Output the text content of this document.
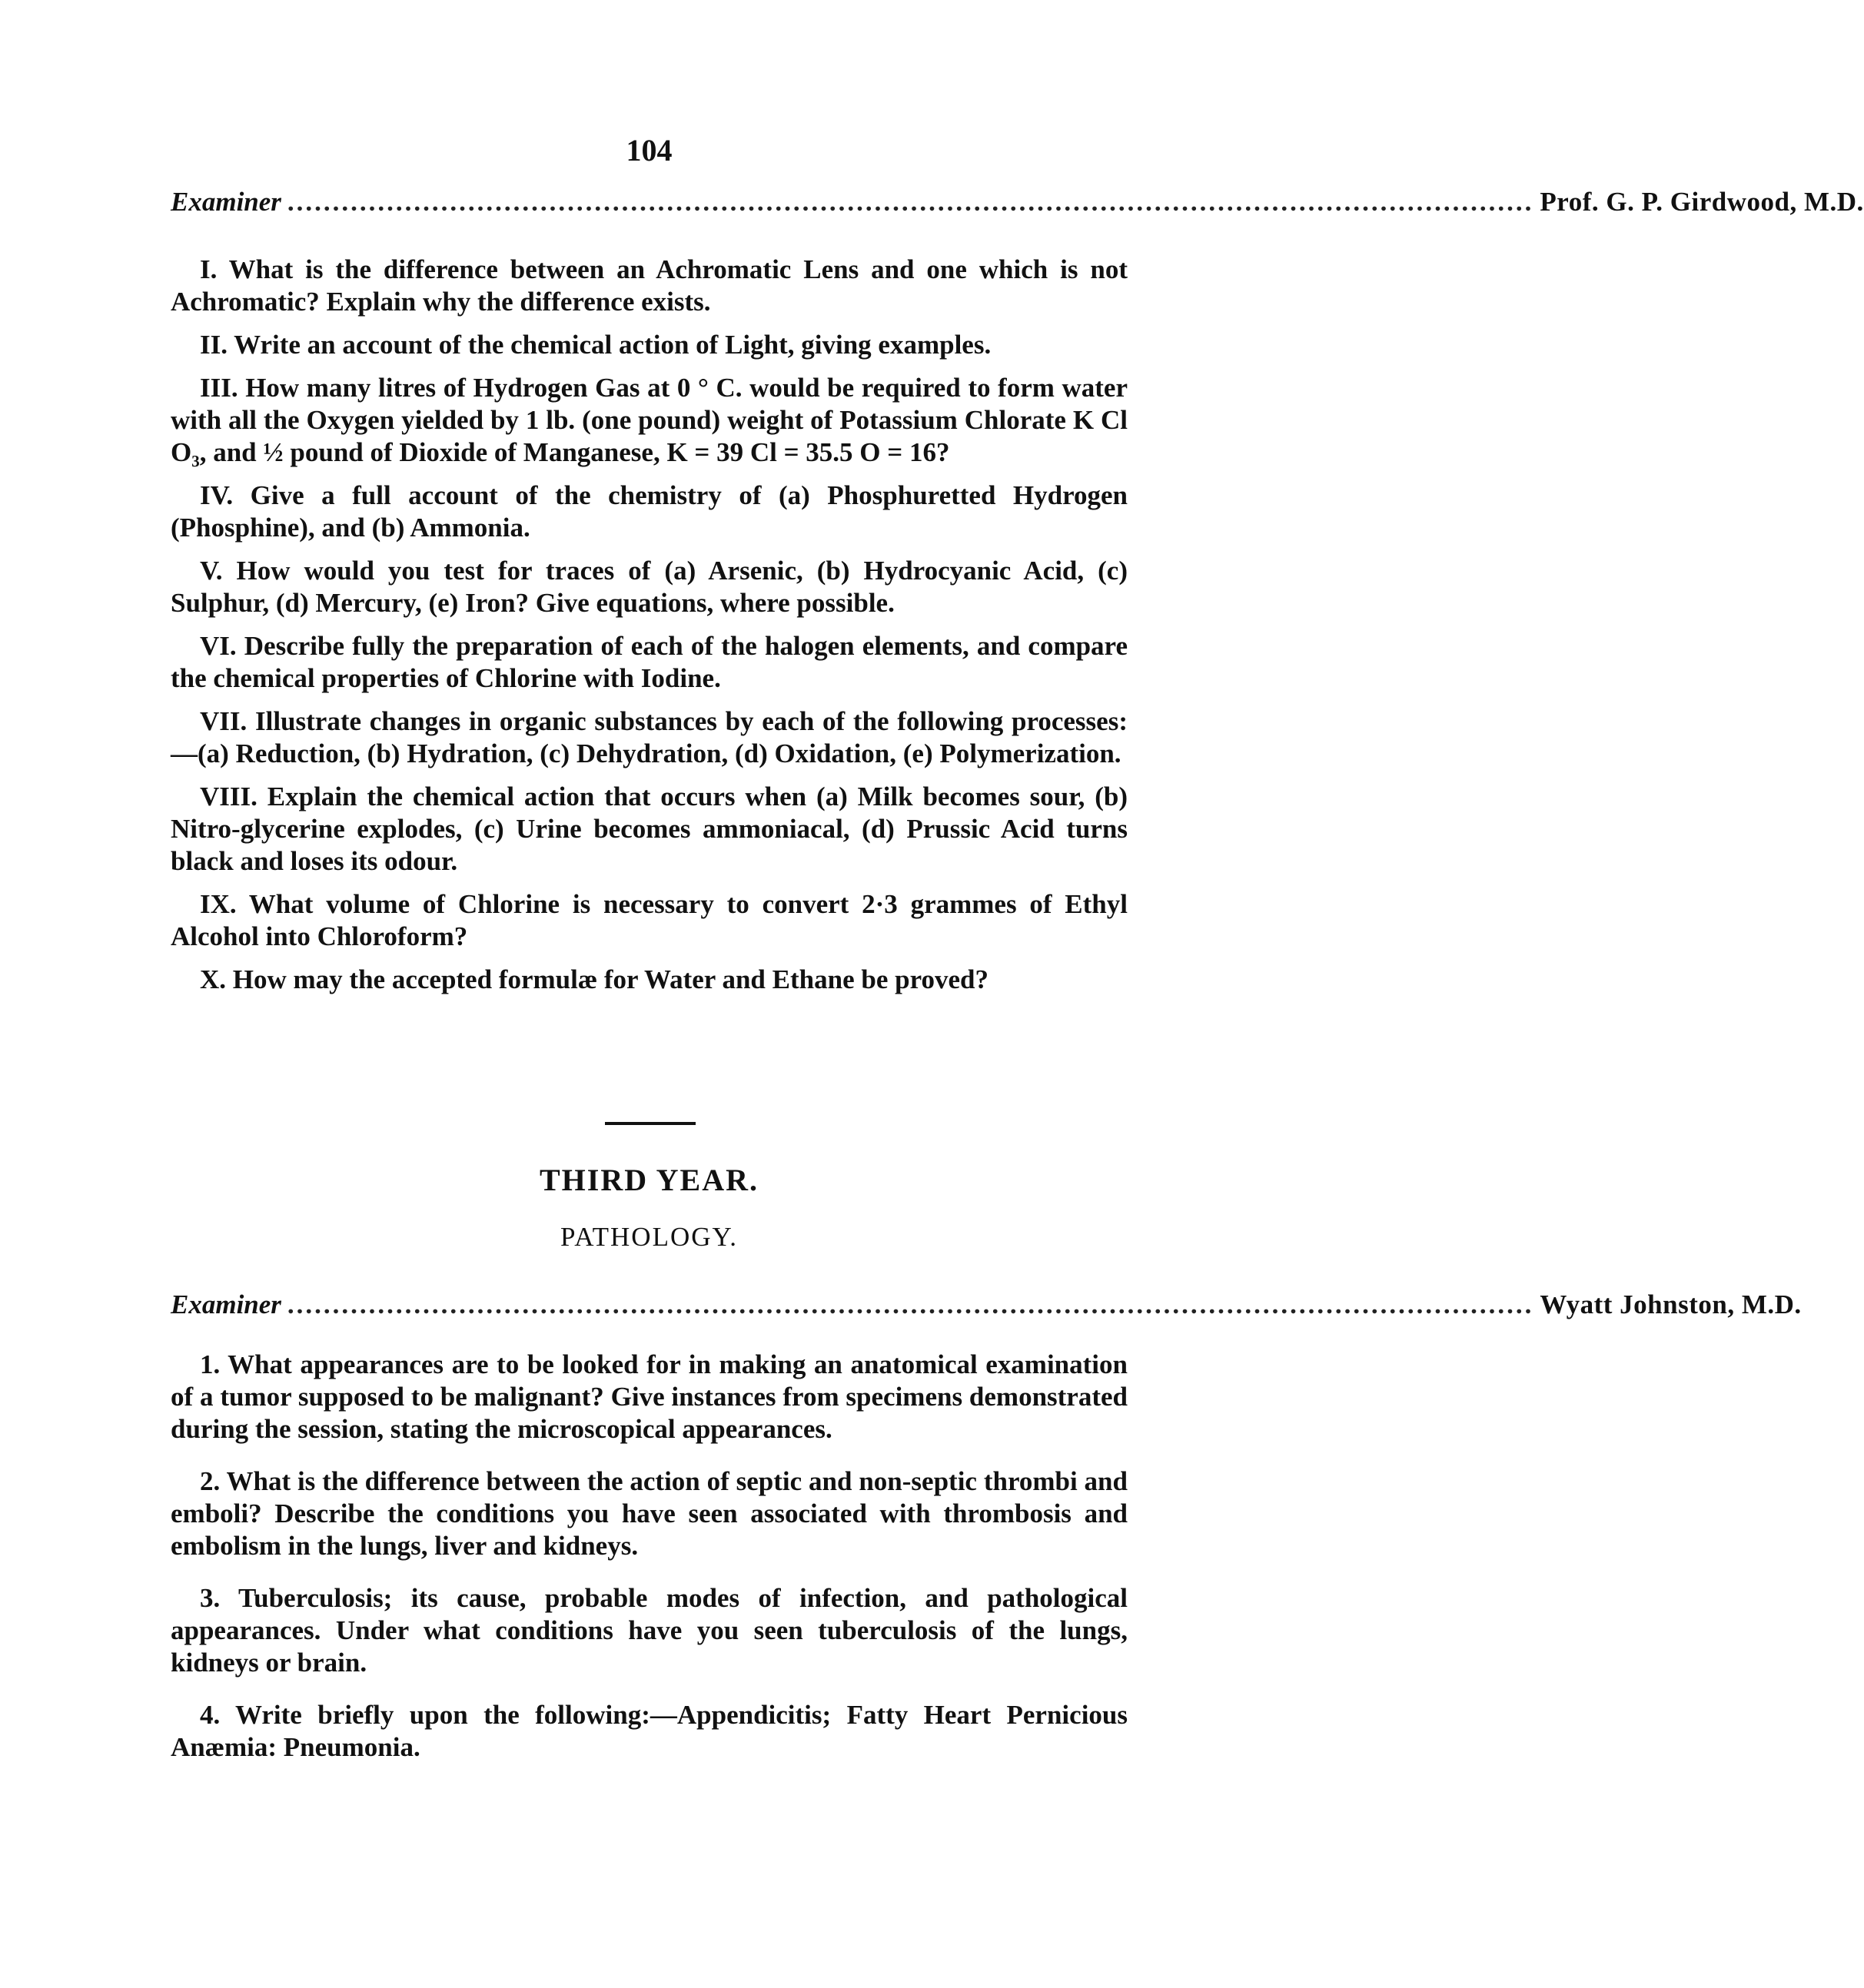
104
Examiner .......................................................................................................................................... Prof. G. P. Girdwood, M.D.

I. What is the difference between an Achromatic Lens and one which is not Achromatic? Explain why the difference exists.

II. Write an account of the chemical action of Light, giving examples.

III. How many litres of Hydrogen Gas at 0 ° C. would be required to form water with all the Oxygen yielded by 1 lb. (one pound) weight of Potassium Chlorate K Cl O₃, and ½ pound of Dioxide of Manganese, K = 39 Cl = 35.5 O = 16?

IV. Give a full account of the chemistry of (a) Phosphuretted Hydrogen (Phosphine), and (b) Ammonia.

V. How would you test for traces of (a) Arsenic, (b) Hydrocyanic Acid, (c) Sulphur, (d) Mercury, (e) Iron? Give equations, where possible.

VI. Describe fully the preparation of each of the halogen elements, and compare the chemical properties of Chlorine with Iodine.

VII. Illustrate changes in organic substances by each of the following processes:—(a) Reduction, (b) Hydration, (c) Dehydration, (d) Oxidation, (e) Polymerization.

VIII. Explain the chemical action that occurs when (a) Milk becomes sour, (b) Nitro-glycerine explodes, (c) Urine becomes ammoniacal, (d) Prussic Acid turns black and loses its odour.

IX. What volume of Chlorine is necessary to convert 2·3 grammes of Ethyl Alcohol into Chloroform?

X. How may the accepted formulæ for Water and Ethane be proved?

THIRD YEAR.
PATHOLOGY.
Examiner .......................................................................................................................................... Wyatt Johnston, M.D.

1. What appearances are to be looked for in making an anatomical examination of a tumor supposed to be malignant? Give instances from specimens demonstrated during the session, stating the microscopical appearances.

2. What is the difference between the action of septic and non-septic thrombi and emboli? Describe the conditions you have seen associated with thrombosis and embolism in the lungs, liver and kidneys.

3. Tuberculosis; its cause, probable modes of infection, and pathological appearances. Under what conditions have you seen tuberculosis of the lungs, kidneys or brain.

4. Write briefly upon the following:—Appendicitis; Fatty Heart Pernicious Anæmia: Pneumonia.
